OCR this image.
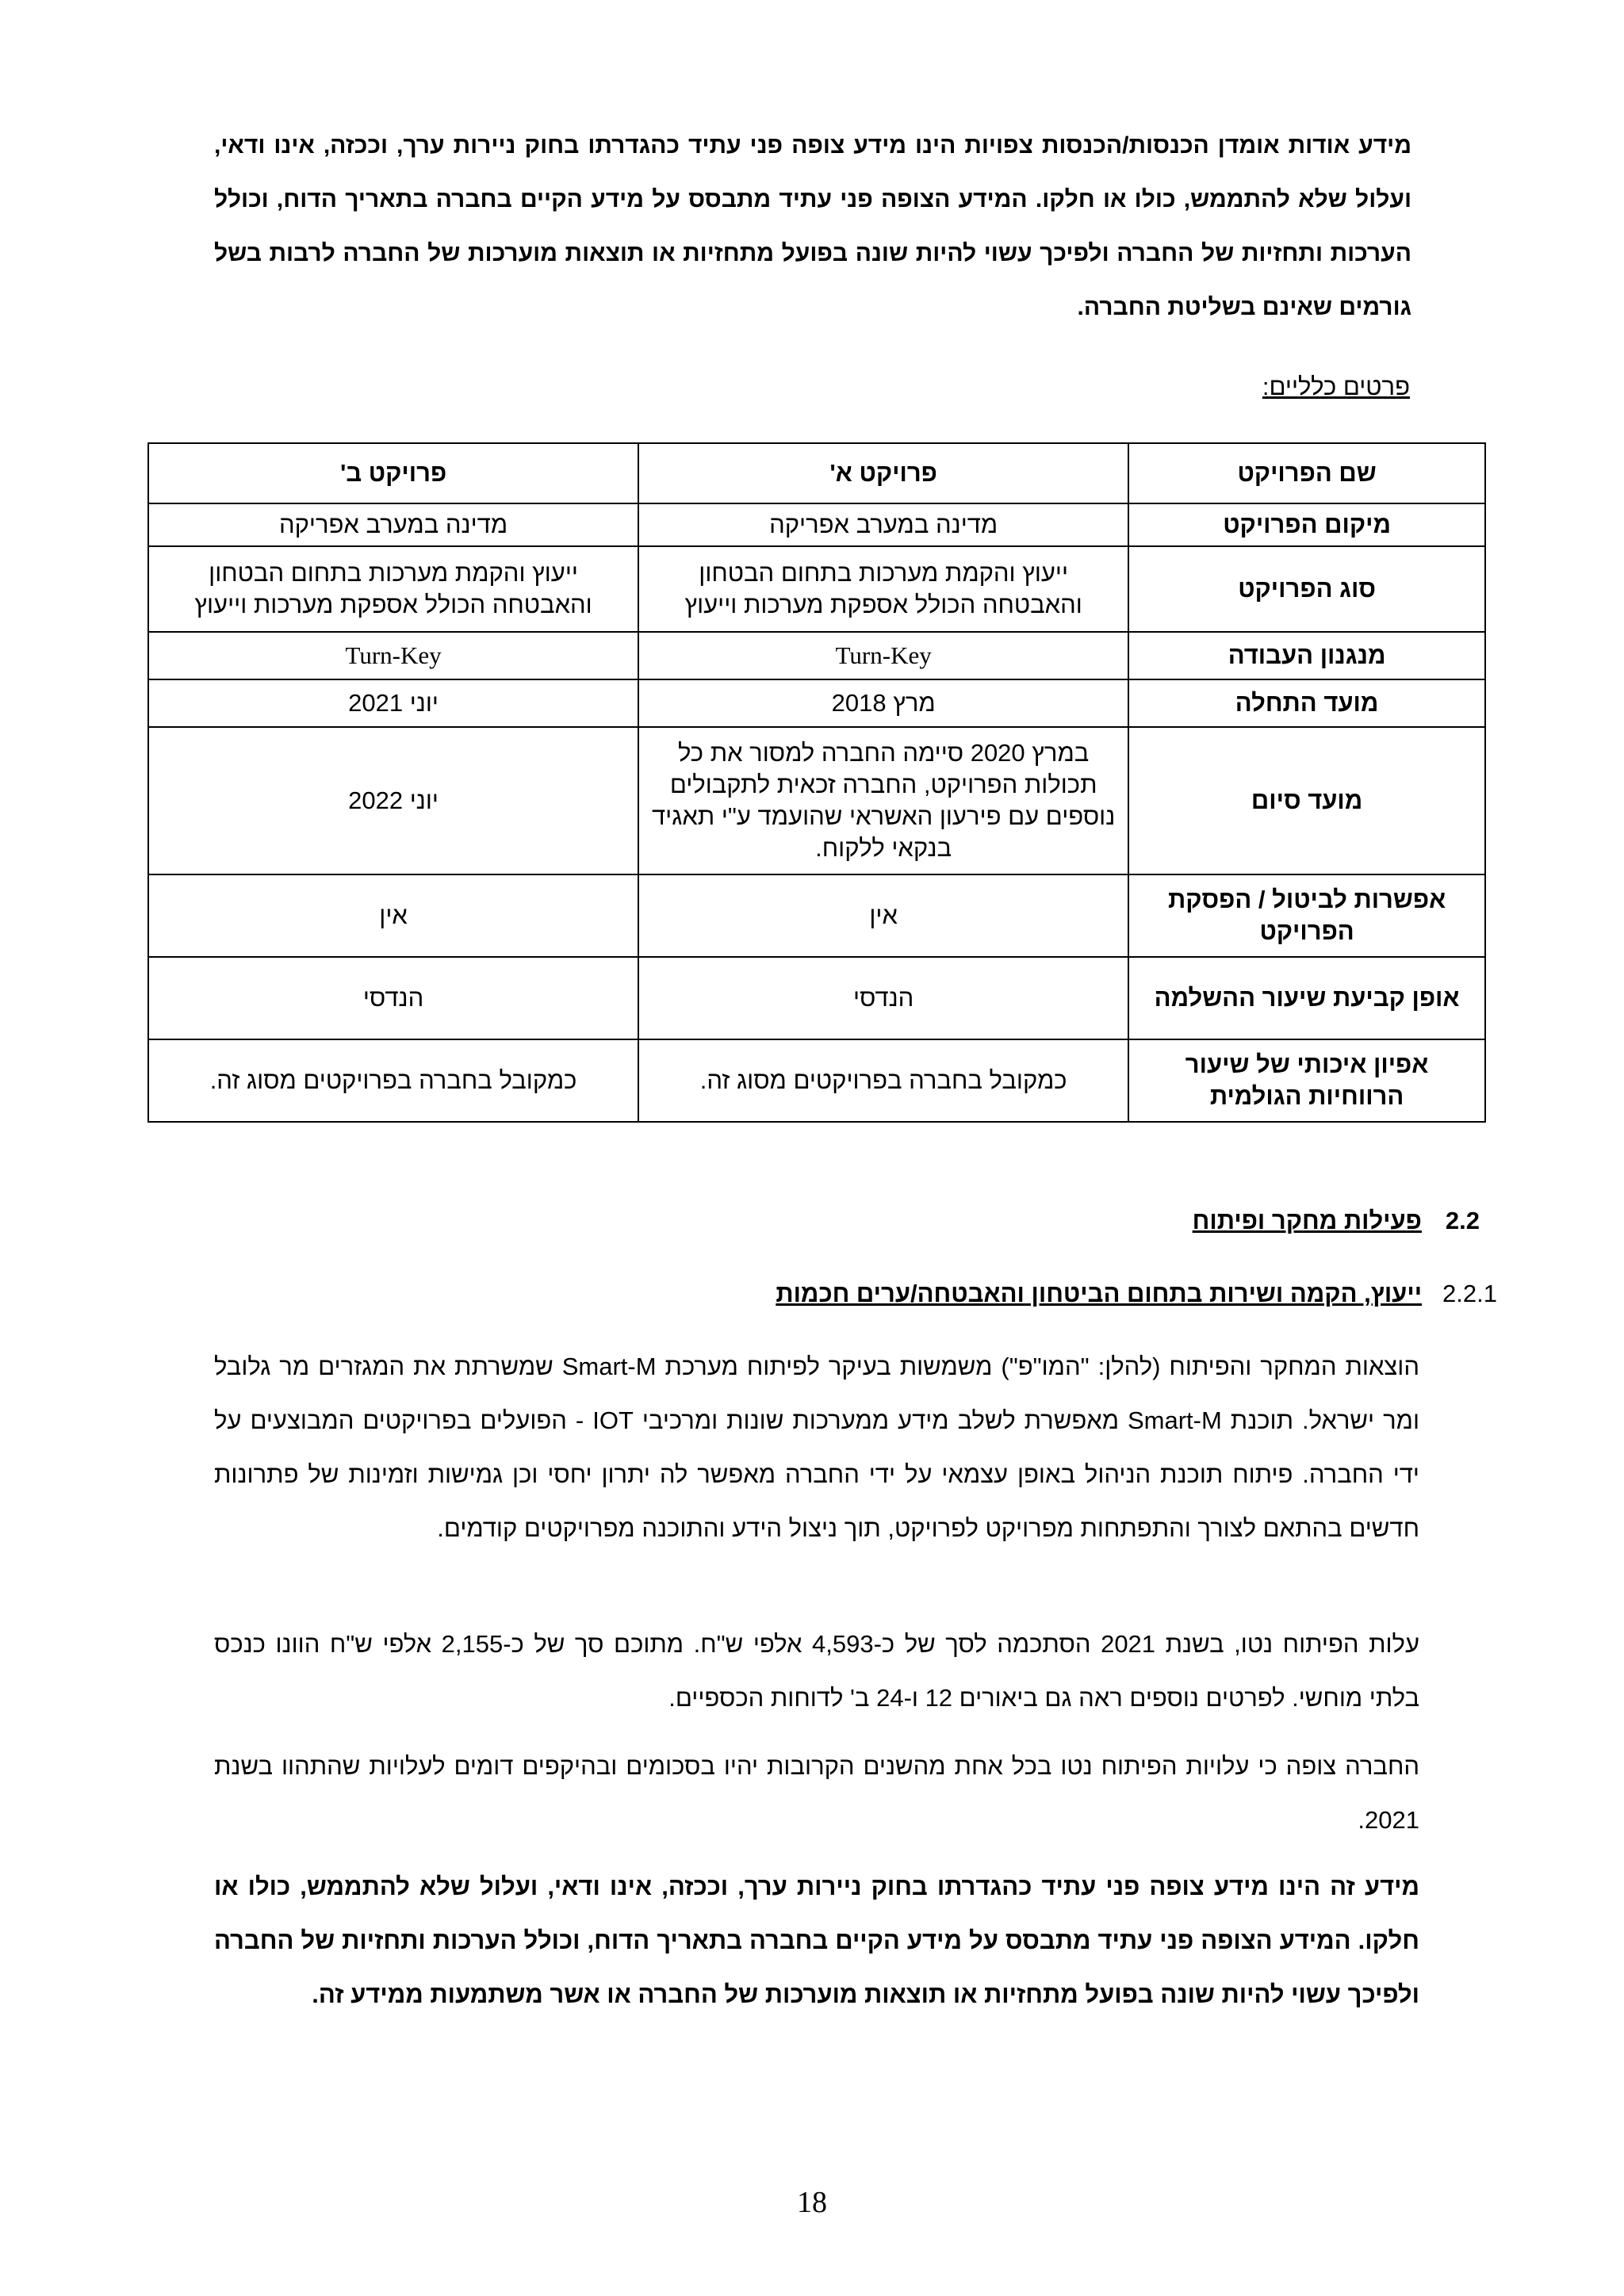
מידע אודות אומדן הכנסות/הכנסות צפויות הינו מידע צופה פני עתיד כהגדרתו בחוק ניירות ערך, וככזה, אינו ודאי, ועלול שלא להתממש, כולו או חלקו. המידע הצופה פני עתיד מתבסס על מידע הקיים בחברה בתאריך הדוח, וכולל הערכות ותחזיות של החברה ולפיכך עשוי להיות שונה בפועל מתחזיות או תוצאות מוערכות של החברה לרבות בשל גורמים שאינם בשליטת החברה.

פרטים כלליים:
שם הפרויקט	פרויקט א'	פרויקט ב'
מיקום הפרויקט	מדינה במערב אפריקה	מדינה במערב אפריקה
סוג הפרויקט	ייעוץ והקמת מערכות בתחום הבטחון והאבטחה הכולל אספקת מערכות וייעוץ	ייעוץ והקמת מערכות בתחום הבטחון והאבטחה הכולל אספקת מערכות וייעוץ
מנגנון העבודה	Turn-Key	Turn-Key
מועד התחלה	מרץ 2018	יוני 2021
מועד סיום	במרץ 2020 סיימה החברה למסור את כל תכולות הפרויקט, החברה זכאית לתקבולים נוספים עם פירעון האשראי שהועמד ע"י תאגיד בנקאי ללקוח.	יוני 2022
אפשרות לביטול / הפסקת הפרויקט	אין	אין
אופן קביעת שיעור ההשלמה	הנדסי	הנדסי
אפיון איכותי של שיעור הרווחיות הגולמית	כמקובל בחברה בפרויקטים מסוג זה.	כמקובל בחברה בפרויקטים מסוג זה.
2.2פעילות מחקר ופיתוח
2.2.1ייעוץ, הקמה ושירות בתחום הביטחון והאבטחה/ערים חכמות

הוצאות המחקר והפיתוח (להלן: "המו"פ") משמשות בעיקר לפיתוח מערכת Smart-M שמשרתת את המגזרים מר גלובל ומר ישראל. תוכנת Smart-M מאפשרת לשלב מידע ממערכות שונות ומרכיבי IOT - הפועלים בפרויקטים המבוצעים על ידי החברה. פיתוח תוכנת הניהול באופן עצמאי על ידי החברה מאפשר לה יתרון יחסי וכן גמישות וזמינות של פתרונות חדשים בהתאם לצורך והתפתחות מפרויקט לפרויקט, תוך ניצול הידע והתוכנה מפרויקטים קודמים.

עלות הפיתוח נטו, בשנת 2021 הסתכמה לסך של כ-4,593 אלפי ש"ח. מתוכם סך של כ-2,155 אלפי ש"ח הוונו כנכס בלתי מוחשי. לפרטים נוספים ראה גם ביאורים 12 ו-24 ב' לדוחות הכספיים.

החברה צופה כי עלויות הפיתוח נטו בכל אחת מהשנים הקרובות יהיו בסכומים ובהיקפים דומים לעלויות שהתהוו בשנת 2021.

מידע זה הינו מידע צופה פני עתיד כהגדרתו בחוק ניירות ערך, וככזה, אינו ודאי, ועלול שלא להתממש, כולו או חלקו. המידע הצופה פני עתיד מתבסס על מידע הקיים בחברה בתאריך הדוח, וכולל הערכות ותחזיות של החברה ולפיכך עשוי להיות שונה בפועל מתחזיות או תוצאות מוערכות של החברה או אשר משתמעות ממידע זה.

18
